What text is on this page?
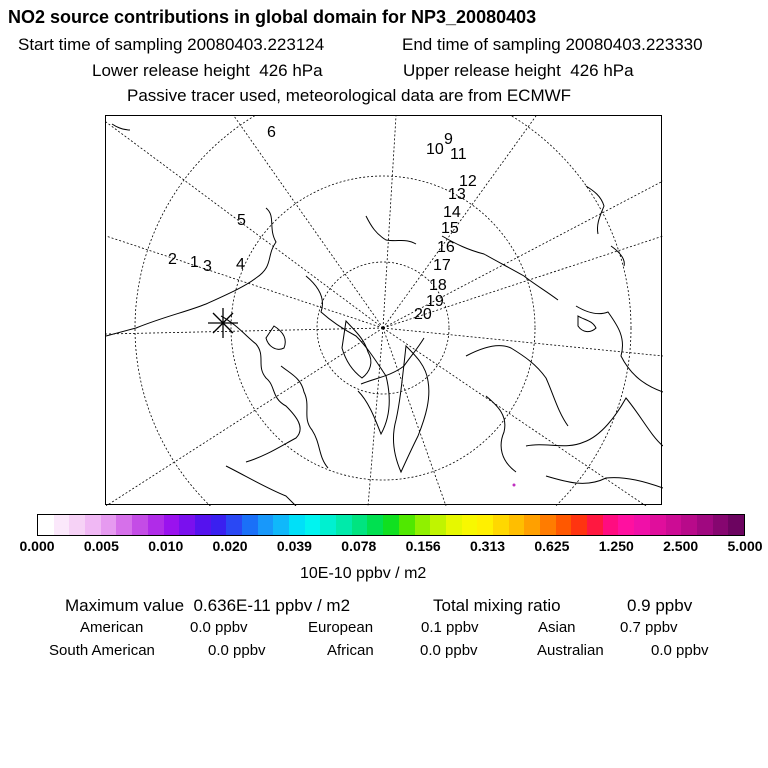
NO2 source contributions in global domain for NP3_20080403
Start time of sampling 20080403.223124	End time of sampling 20080403.223330
Lower release height  426 hPa	Upper release height  426 hPa
Passive tracer used, meteorological data are from ECMWF
6
10
9
11
12
13
14
15
16
17
18
19
20
5
2 1 3 4
0.000 0.005 0.010 0.020 0.039 0.078 0.156 0.313 0.625 1.250 2.500 5.000
10E-10 ppbv / m2
Maximum value  0.636E-11 ppbv / m2	Total mixing ratio	0.9 ppbv
American	0.0 ppbv	European	0.1 ppbv	Asian	0.7 ppbv
South American	0.0 ppbv	African	0.0 ppbv	Australian	0.0 ppbv
